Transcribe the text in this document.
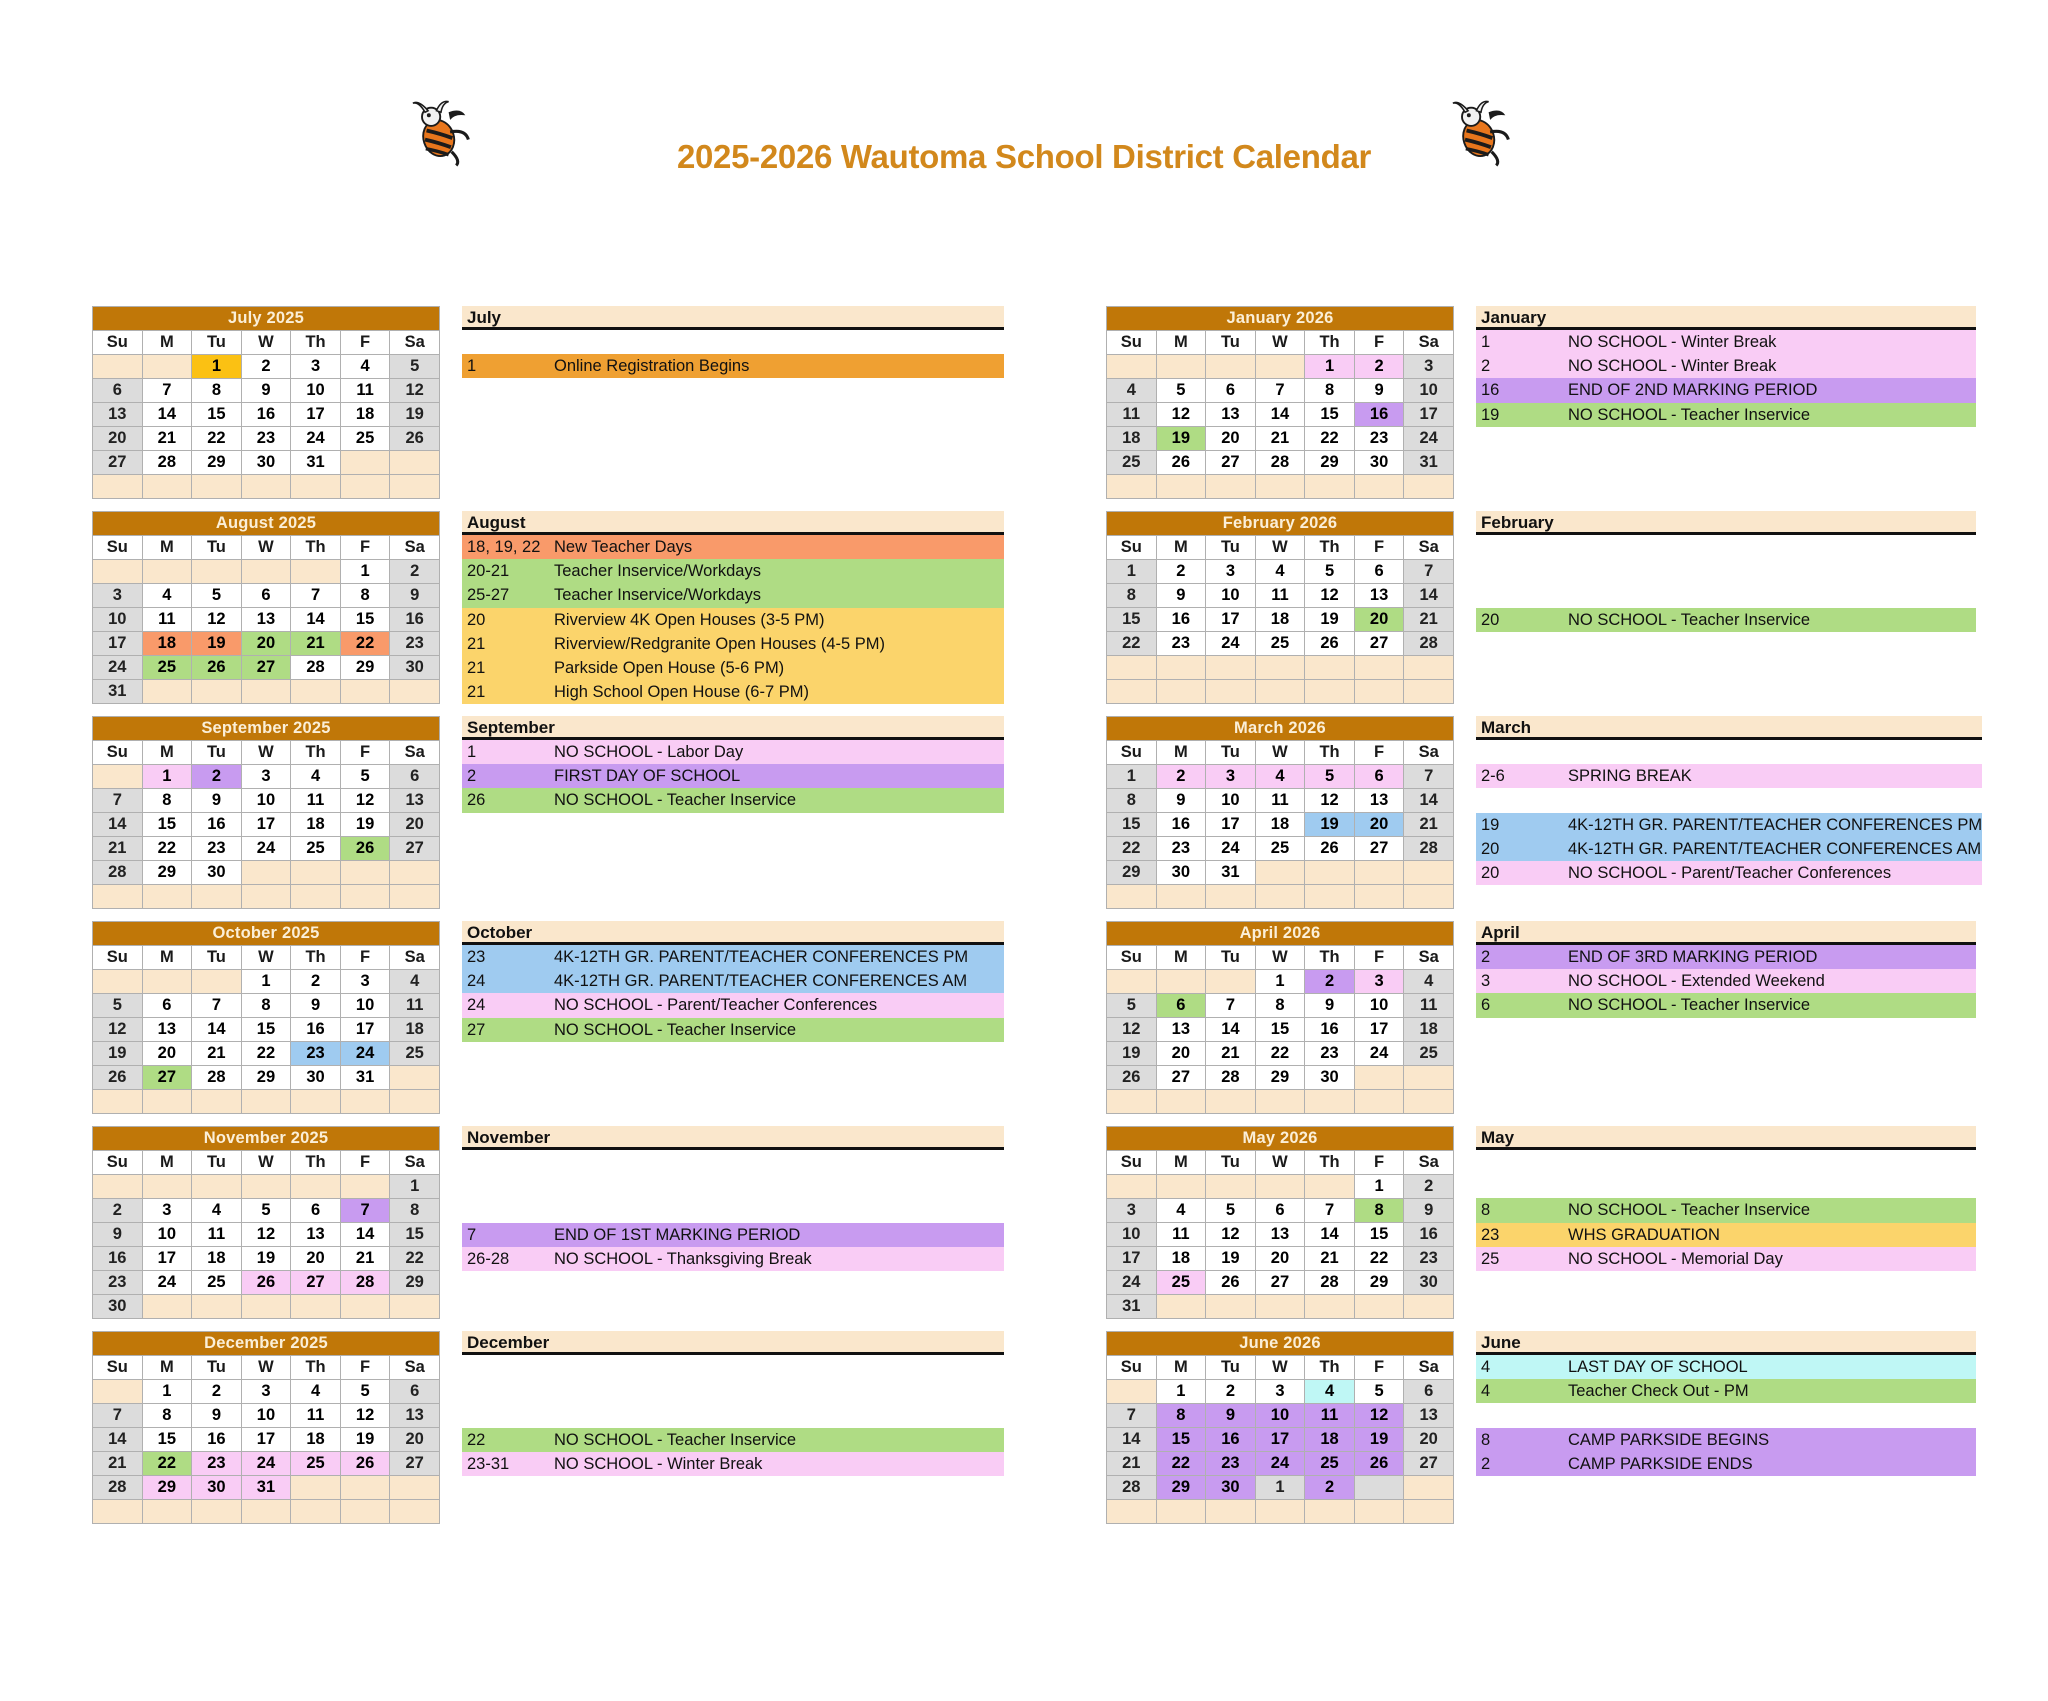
2025-2026 Wautoma School District Calendar
July 2025						
Su	M	Tu	W	Th	F	Sa
		1	2	3	4	5
6	7	8	9	10	11	12
13	14	15	16	17	18	19
20	21	22	23	24	25	26
27	28	29	30	31		

July
1	Online Registration Begins
August 2025						
Su	M	Tu	W	Th	F	Sa
					1	2
3	4	5	6	7	8	9
10	11	12	13	14	15	16
17	18	19	20	21	22	23
24	25	26	27	28	29	30
31						
August
18, 19, 22 New Teacher Days
20-21	Teacher Inservice/Workdays
25-27	Teacher Inservice/Workdays
20	Riverview 4K Open Houses (3-5 PM)
21	Riverview/Redgranite Open Houses (4-5 PM)
21	Parkside Open House (5-6 PM)
21	High School Open House (6-7 PM)
September 2025						
Su	M	Tu	W	Th	F	Sa
	1	2	3	4	5	6
7	8	9	10	11	12	13
14	15	16	17	18	19	20
21	22	23	24	25	26	27
28	29	30				

September
1	NO SCHOOL - Labor Day
2	FIRST DAY OF SCHOOL
26	NO SCHOOL - Teacher Inservice
October 2025						
Su	M	Tu	W	Th	F	Sa
			1	2	3	4
5	6	7	8	9	10	11
12	13	14	15	16	17	18
19	20	21	22	23	24	25
26	27	28	29	30	31	

October
23	4K-12TH GR. PARENT/TEACHER CONFERENCES PM
24	4K-12TH GR. PARENT/TEACHER CONFERENCES AM
24	NO SCHOOL - Parent/Teacher Conferences
27	NO SCHOOL - Teacher Inservice
November 2025						
Su	M	Tu	W	Th	F	Sa
						1
2	3	4	5	6	7	8
9	10	11	12	13	14	15
16	17	18	19	20	21	22
23	24	25	26	27	28	29
30						
November
7	END OF 1ST MARKING PERIOD
26-28	NO SCHOOL - Thanksgiving Break
December 2025						
Su	M	Tu	W	Th	F	Sa
	1	2	3	4	5	6
7	8	9	10	11	12	13
14	15	16	17	18	19	20
21	22	23	24	25	26	27
28	29	30	31			

December
22	NO SCHOOL - Teacher Inservice
23-31	NO SCHOOL - Winter Break
January 2026						
Su	M	Tu	W	Th	F	Sa
				1	2	3
4	5	6	7	8	9	10
11	12	13	14	15	16	17
18	19	20	21	22	23	24
25	26	27	28	29	30	31

January
1	NO SCHOOL - Winter Break
2	NO SCHOOL - Winter Break
16	END OF 2ND MARKING PERIOD
19	NO SCHOOL - Teacher Inservice
February 2026						
Su	M	Tu	W	Th	F	Sa
1	2	3	4	5	6	7
8	9	10	11	12	13	14
15	16	17	18	19	20	21
22	23	24	25	26	27	28

February
20	NO SCHOOL - Teacher Inservice
March 2026						
Su	M	Tu	W	Th	F	Sa
1	2	3	4	5	6	7
8	9	10	11	12	13	14
15	16	17	18	19	20	21
22	23	24	25	26	27	28
29	30	31				

March
2-6	SPRING BREAK
19	4K-12TH GR. PARENT/TEACHER CONFERENCES PM
20	4K-12TH GR. PARENT/TEACHER CONFERENCES AM
20	NO SCHOOL - Parent/Teacher Conferences
April 2026						
Su	M	Tu	W	Th	F	Sa
			1	2	3	4
5	6	7	8	9	10	11
12	13	14	15	16	17	18
19	20	21	22	23	24	25
26	27	28	29	30		

April
2	END OF 3RD MARKING PERIOD
3	NO SCHOOL - Extended Weekend
6	NO SCHOOL - Teacher Inservice
May 2026						
Su	M	Tu	W	Th	F	Sa
					1	2
3	4	5	6	7	8	9
10	11	12	13	14	15	16
17	18	19	20	21	22	23
24	25	26	27	28	29	30
31						
May
8	NO SCHOOL - Teacher Inservice
23	WHS GRADUATION
25	NO SCHOOL - Memorial Day
June 2026						
Su	M	Tu	W	Th	F	Sa
	1	2	3	4	5	6
7	8	9	10	11	12	13
14	15	16	17	18	19	20
21	22	23	24	25	26	27
28	29	30	1	2		

June
4	LAST DAY OF SCHOOL
4	Teacher Check Out - PM
8	CAMP PARKSIDE BEGINS
2	CAMP PARKSIDE ENDS
